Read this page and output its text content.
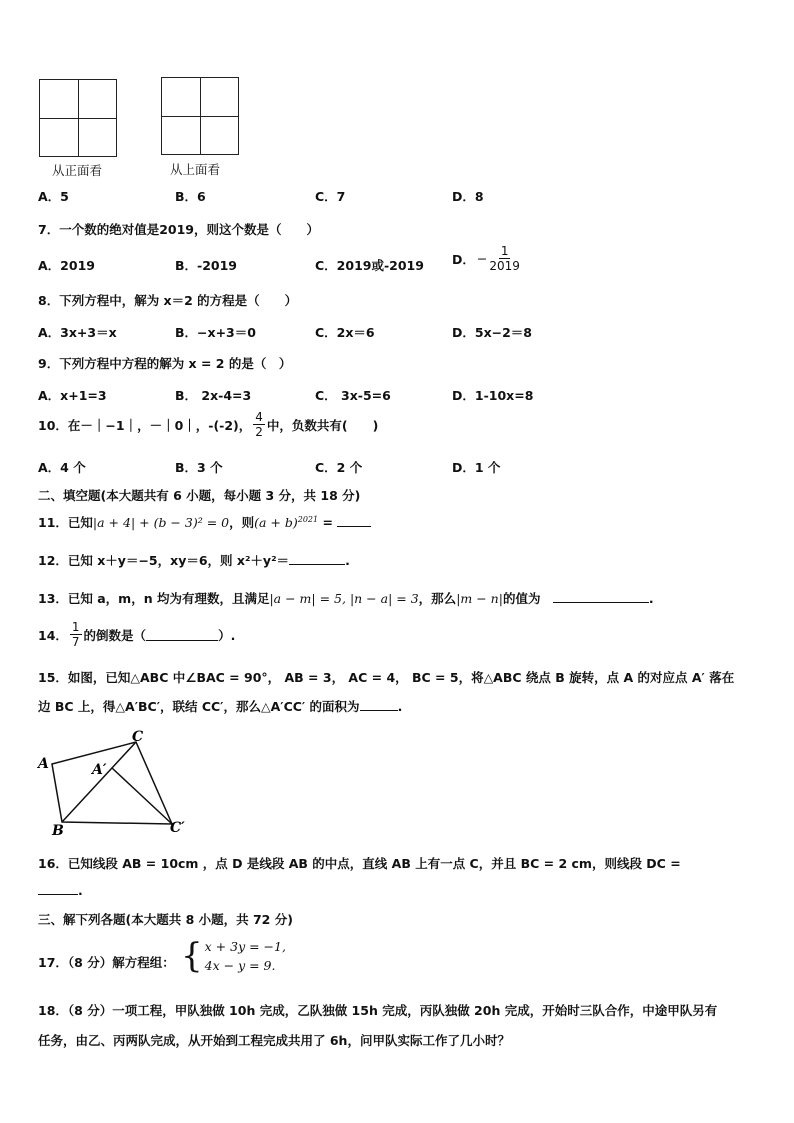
从正面看	从上面看
A．5	B．6	C．7	D．8
7．一个数的绝对值是2019，则这个数是（　　）
A．2019	B．-2019	C．2019或-2019 D． − $\frac{1}{2019}$
8．下列方程中，解为 x＝2 的方程是（　　）
A．3x+3＝x	B．−x+3＝0	C．2x＝6	D．5x−2＝8
9．下列方程中方程的解为 x = 2 的是（　）
A．x+1=3	B． 2x-4=3	C． 3x-5=6	D．1-10x=8
10．在－｜−1｜，－｜0｜，-(-2)， $\frac{4}{2}$ 中，负数共有(　　)
A．4 个	B．3 个	C．2 个	D．1 个
二、填空题(本大题共有 6 小题，每小题 3 分，共 18 分)
11．已知|a + 4| + (b − 3)² = 0，则$(a + b)^{2021}$ =
12．已知 x＋y＝−5，xy＝6，则 x²＋y²＝	.
13．已知 a，m，n 均为有理数，且满足|a − m| = 5, |n − a| = 3，那么|m − n|的值为	.
14． $\frac{1}{7}$ 的倒数是（	）.
15．如图，已知△ABC 中∠BAC = 90°， AB = 3， AC = 4， BC = 5，将△ABC 绕点 B 旋转，点 A 的对应点 A′ 落在
边 BC 上，得△A′BC′，联结 CC′，那么△A′CC′ 的面积为	.
A	A′
B
C
C′
16．已知线段 AB = 10cm ，点 D 是线段 AB 的中点，直线 AB 上有一点 C，并且 BC = 2 cm，则线段 DC =
.
三、解下列各题(本大题共 8 小题，共 72 分)
17．（8 分）解方程组： { x + 3y = −1,
4x − y = 9.
18．（8 分）一项工程，甲队独做 10h 完成，乙队独做 15h 完成，丙队独做 20h 完成，开始时三队合作，中途甲队另有
任务，由乙、丙两队完成，从开始到工程完成共用了 6h，问甲队实际工作了几小时？
